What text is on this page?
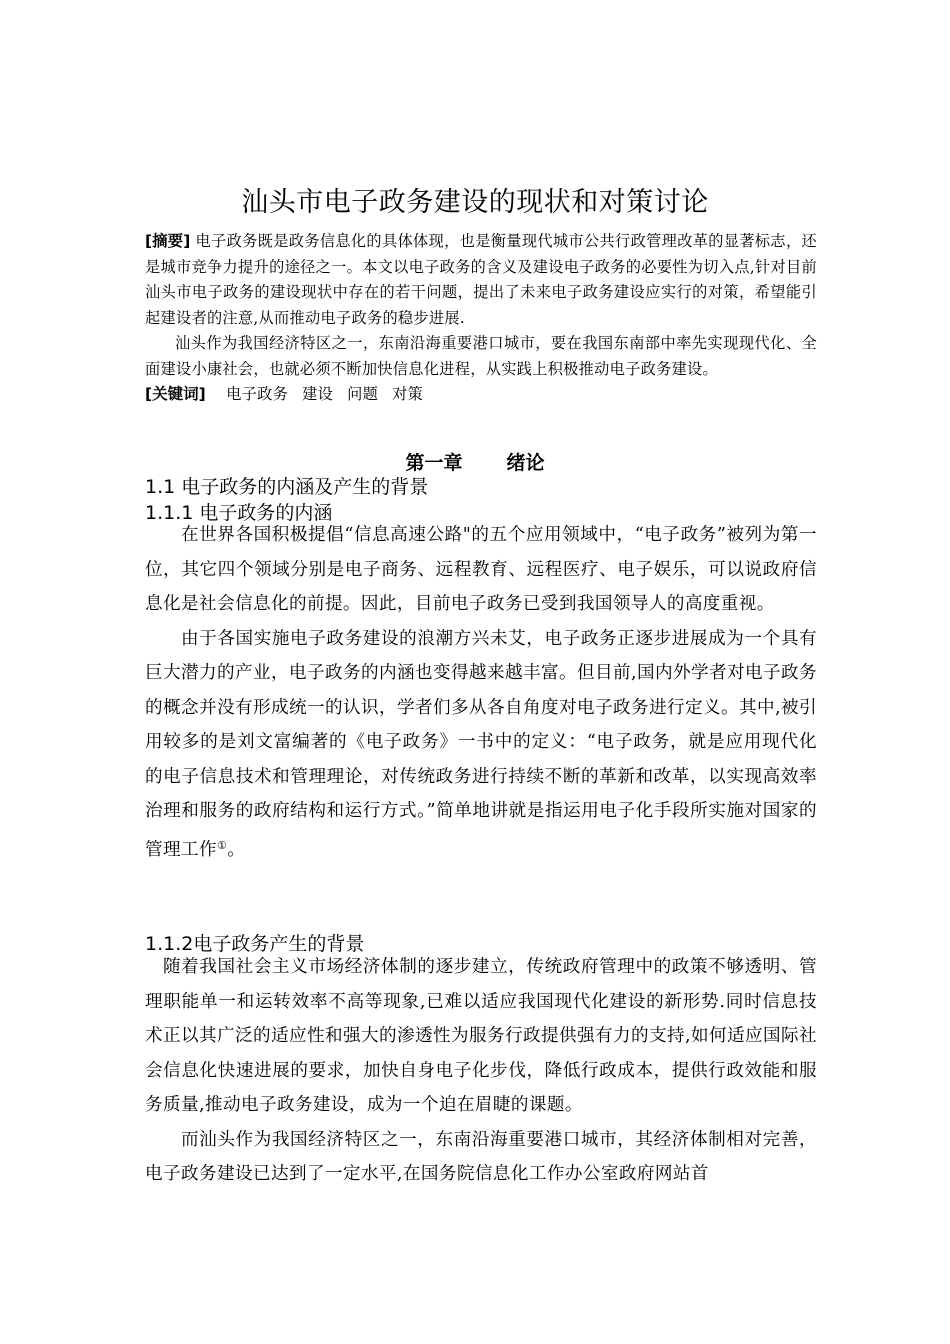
汕头市电子政务建设的现状和对策讨论

[摘要] 电子政务既是政务信息化的具体体现，也是衡量现代城市公共行政管理改革的显著标志，还是城市竞争力提升的途径之一。本文以电子政务的含义及建设电子政务的必要性为切入点,针对目前汕头市电子政务的建设现状中存在的若干问题，提出了未来电子政务建设应实行的对策，希望能引起建设者的注意,从而推动电子政务的稳步进展.

汕头作为我国经济特区之一，东南沿海重要港口城市，要在我国东南部中率先实现现代化、全面建设小康社会，也就必须不断加快信息化进程，从实践上积极推动电子政务建设。

[关键词] 电子政务 建设 问题 对策

第一章 绪论
1.1 电子政务的内涵及产生的背景
1.1.1 电子政务的内涵

在世界各国积极提倡“信息高速公路"的五个应用领域中，“电子政务”被列为第一位，其它四个领域分别是电子商务、远程教育、远程医疗、电子娱乐，可以说政府信息化是社会信息化的前提。因此，目前电子政务已受到我国领导人的高度重视。

由于各国实施电子政务建设的浪潮方兴未艾，电子政务正逐步进展成为一个具有巨大潜力的产业，电子政务的内涵也变得越来越丰富。但目前,国内外学者对电子政务的概念并没有形成统一的认识，学者们多从各自角度对电子政务进行定义。其中,被引用较多的是刘文富编著的《电子政务》一书中的定义：“电子政务，就是应用现代化的电子信息技术和管理理论，对传统政务进行持续不断的革新和改革，以实现高效率治理和服务的政府结构和运行方式。”简单地讲就是指运用电子化手段所实施对国家的管理工作①。

1.1.2电子政务产生的背景

随着我国社会主义市场经济体制的逐步建立，传统政府管理中的政策不够透明、管理职能单一和运转效率不高等现象,已难以适应我国现代化建设的新形势.同时信息技术正以其广泛的适应性和强大的渗透性为服务行政提供强有力的支持,如何适应国际社会信息化快速进展的要求，加快自身电子化步伐，降低行政成本，提供行政效能和服务质量,推动电子政务建设，成为一个迫在眉睫的课题。

而汕头作为我国经济特区之一，东南沿海重要港口城市，其经济体制相对完善，电子政务建设已达到了一定水平,在国务院信息化工作办公室政府网站首
